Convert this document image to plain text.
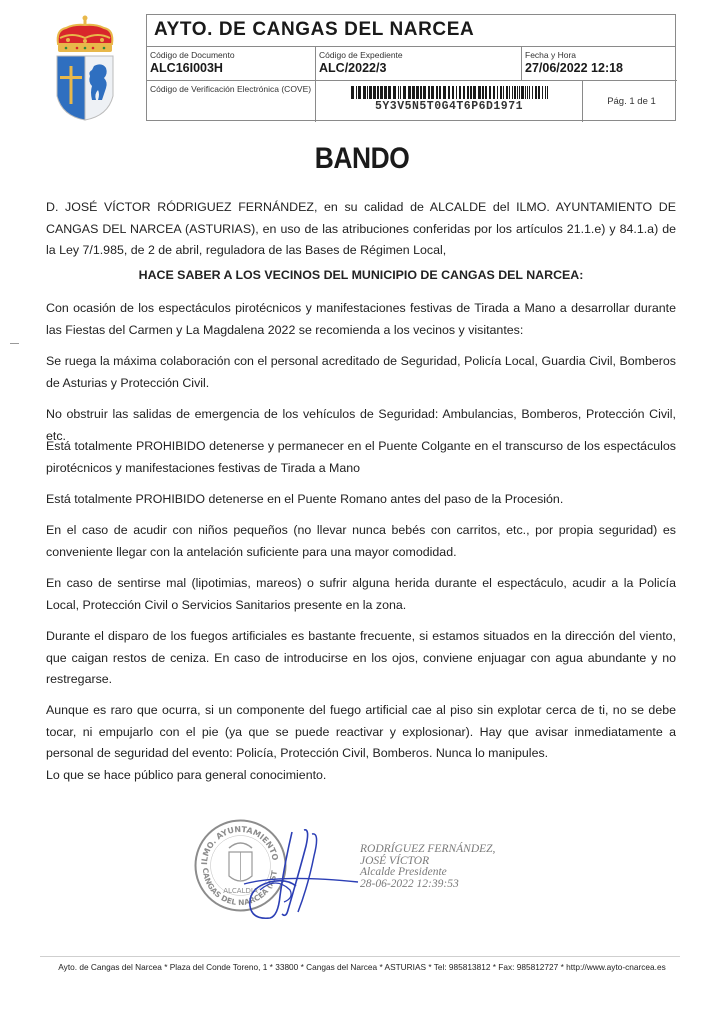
AYTO. DE CANGAS DEL NARCEA
Código de Documento
ALC16I003H
Código de Expediente
ALC/2022/3
Fecha y Hora
27/06/2022 12:18
Código de Verificación Electrónica (COVE)
5Y3V5N5T0G4T6P6D1971	Pág. 1 de 1
BANDO

D. JOSÉ VÍCTOR RÓDRIGUEZ FERNÁNDEZ, en su calidad de ALCALDE del ILMO. AYUNTAMIENTO DE CANGAS DEL NARCEA (ASTURIAS), en uso de las atribuciones conferidas por los artículos 21.1.e) y 84.1.a) de la Ley 7/1.985, de 2 de abril, reguladora de las Bases de Régimen Local,

HACE SABER A LOS VECINOS DEL MUNICIPIO DE CANGAS DEL NARCEA:

Con ocasión de los espectáculos pirotécnicos y manifestaciones festivas de Tirada a Mano a desarrollar durante las Fiestas del Carmen y La Magdalena 2022 se recomienda a los vecinos y visitantes:

Se ruega la máxima colaboración con el personal acreditado de Seguridad, Policía Local, Guardia Civil, Bomberos de Asturias y Protección Civil.

No obstruir las salidas de emergencia de los vehículos de Seguridad: Ambulancias, Bomberos, Protección Civil, etc.

Está totalmente PROHIBIDO detenerse y permanecer en el Puente Colgante en el transcurso de los espectáculos pirotécnicos y manifestaciones festivas de Tirada a Mano

Está totalmente PROHIBIDO detenerse en el Puente Romano antes del paso de la Procesión.

En el caso de acudir con niños pequeños (no llevar nunca bebés con carritos, etc., por propia seguridad) es conveniente llegar con la antelación suficiente para una mayor comodidad.

En caso de sentirse mal (lipotimias, mareos) o sufrir alguna herida durante el espectáculo, acudir a la Policía Local, Protección Civil o Servicios Sanitarios presente en la zona.

Durante el disparo de los fuegos artificiales es bastante frecuente, si estamos situados en la dirección del viento, que caigan restos de ceniza. En caso de introducirse en los ojos, conviene enjuagar con agua abundante y no restregarse.

Aunque es raro que ocurra, si un componente del fuego artificial cae al piso sin explotar cerca de ti, no se debe tocar, ni empujarlo con el pie (ya que se puede reactivar y explosionar). Hay que avisar inmediatamente a personal de seguridad del evento: Policía, Protección Civil, Bomberos. Nunca lo manipules.

Lo que se hace público para general conocimiento.

ILMO. AYUNTAMIENTO
CANGAS DEL NARCEA (AST
ALCALDIA
RODRÍGUEZ FERNÁNDEZ,
JOSÉ VÍCTOR
Alcalde Presidente
28-06-2022 12:39:53
Ayto. de Cangas del Narcea * Plaza del Conde Toreno, 1 * 33800 * Cangas del Narcea * ASTURIAS * Tel: 985813812 * Fax: 985812727 * http://www.ayto-cnarcea.es
